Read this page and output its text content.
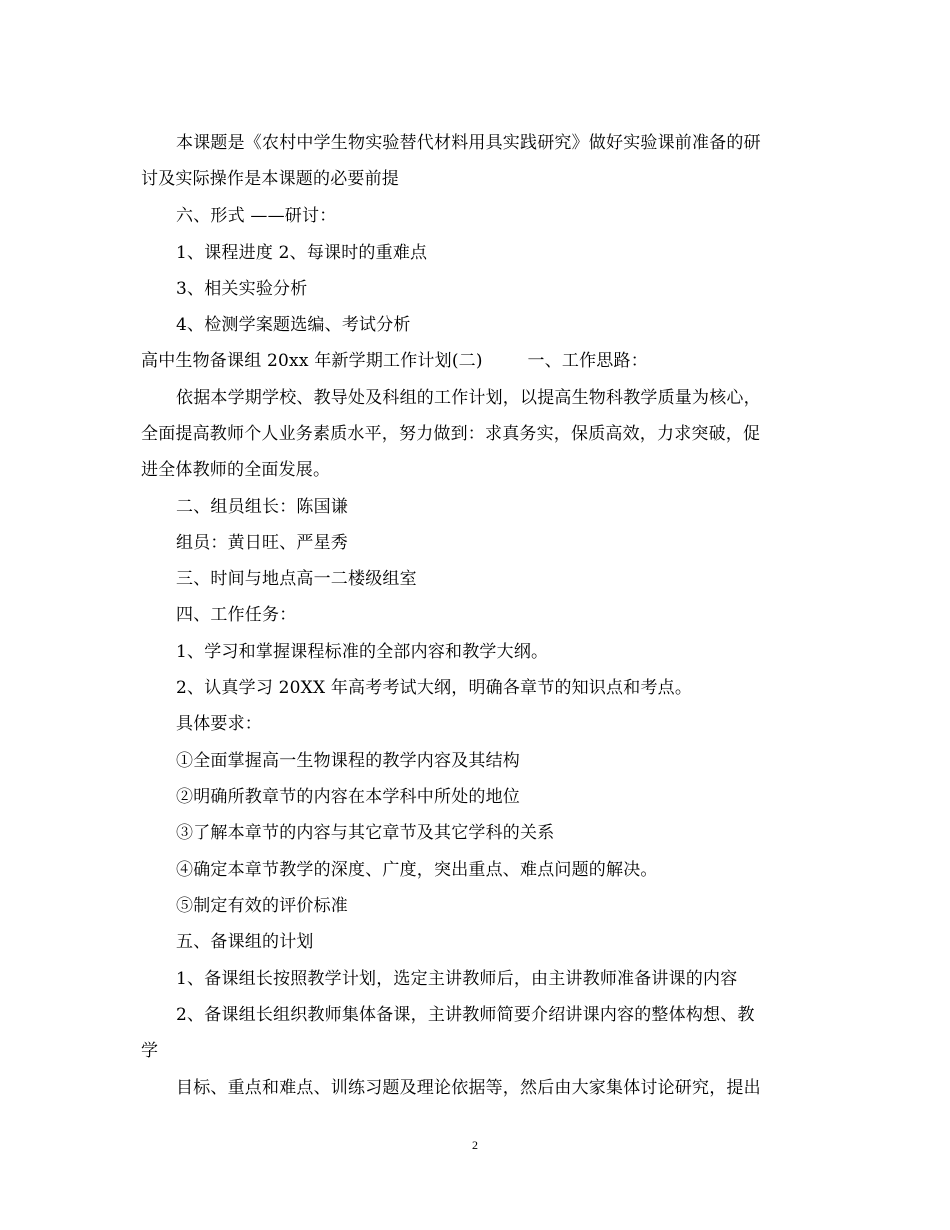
本课题是《农村中学生物实验替代材料用具实践研究》做好实验课前准备的研
讨及实际操作是本课题的必要前提
六、形式 ——研讨：
1、课程进度 2、每课时的重难点
3、相关实验分析
4、检测学案题选编、考试分析
高中生物备课组 20xx 年新学期工作计划(二)        一、工作思路：
依据本学期学校、教导处及科组的工作计划，以提高生物科教学质量为核心，
全面提高教师个人业务素质水平，努力做到：求真务实，保质高效，力求突破，促
进全体教师的全面发展。
二、组员组长：陈国谦
组员：黄日旺、严星秀
三、时间与地点高一二楼级组室
四、工作任务：
1、学习和掌握课程标准的全部内容和教学大纲。
2、认真学习 20XX 年高考考试大纲，明确各章节的知识点和考点。
具体要求：
①全面掌握高一生物课程的教学内容及其结构
②明确所教章节的内容在本学科中所处的地位
③了解本章节的内容与其它章节及其它学科的关系
④确定本章节教学的深度、广度，突出重点、难点问题的解决。
⑤制定有效的评价标准
五、备课组的计划
1、备课组长按照教学计划，选定主讲教师后，由主讲教师准备讲课的内容
2、备课组长组织教师集体备课，主讲教师简要介绍讲课内容的整体构想、教
学
目标、重点和难点、训练习题及理论依据等，然后由大家集体讨论研究，提出
2
